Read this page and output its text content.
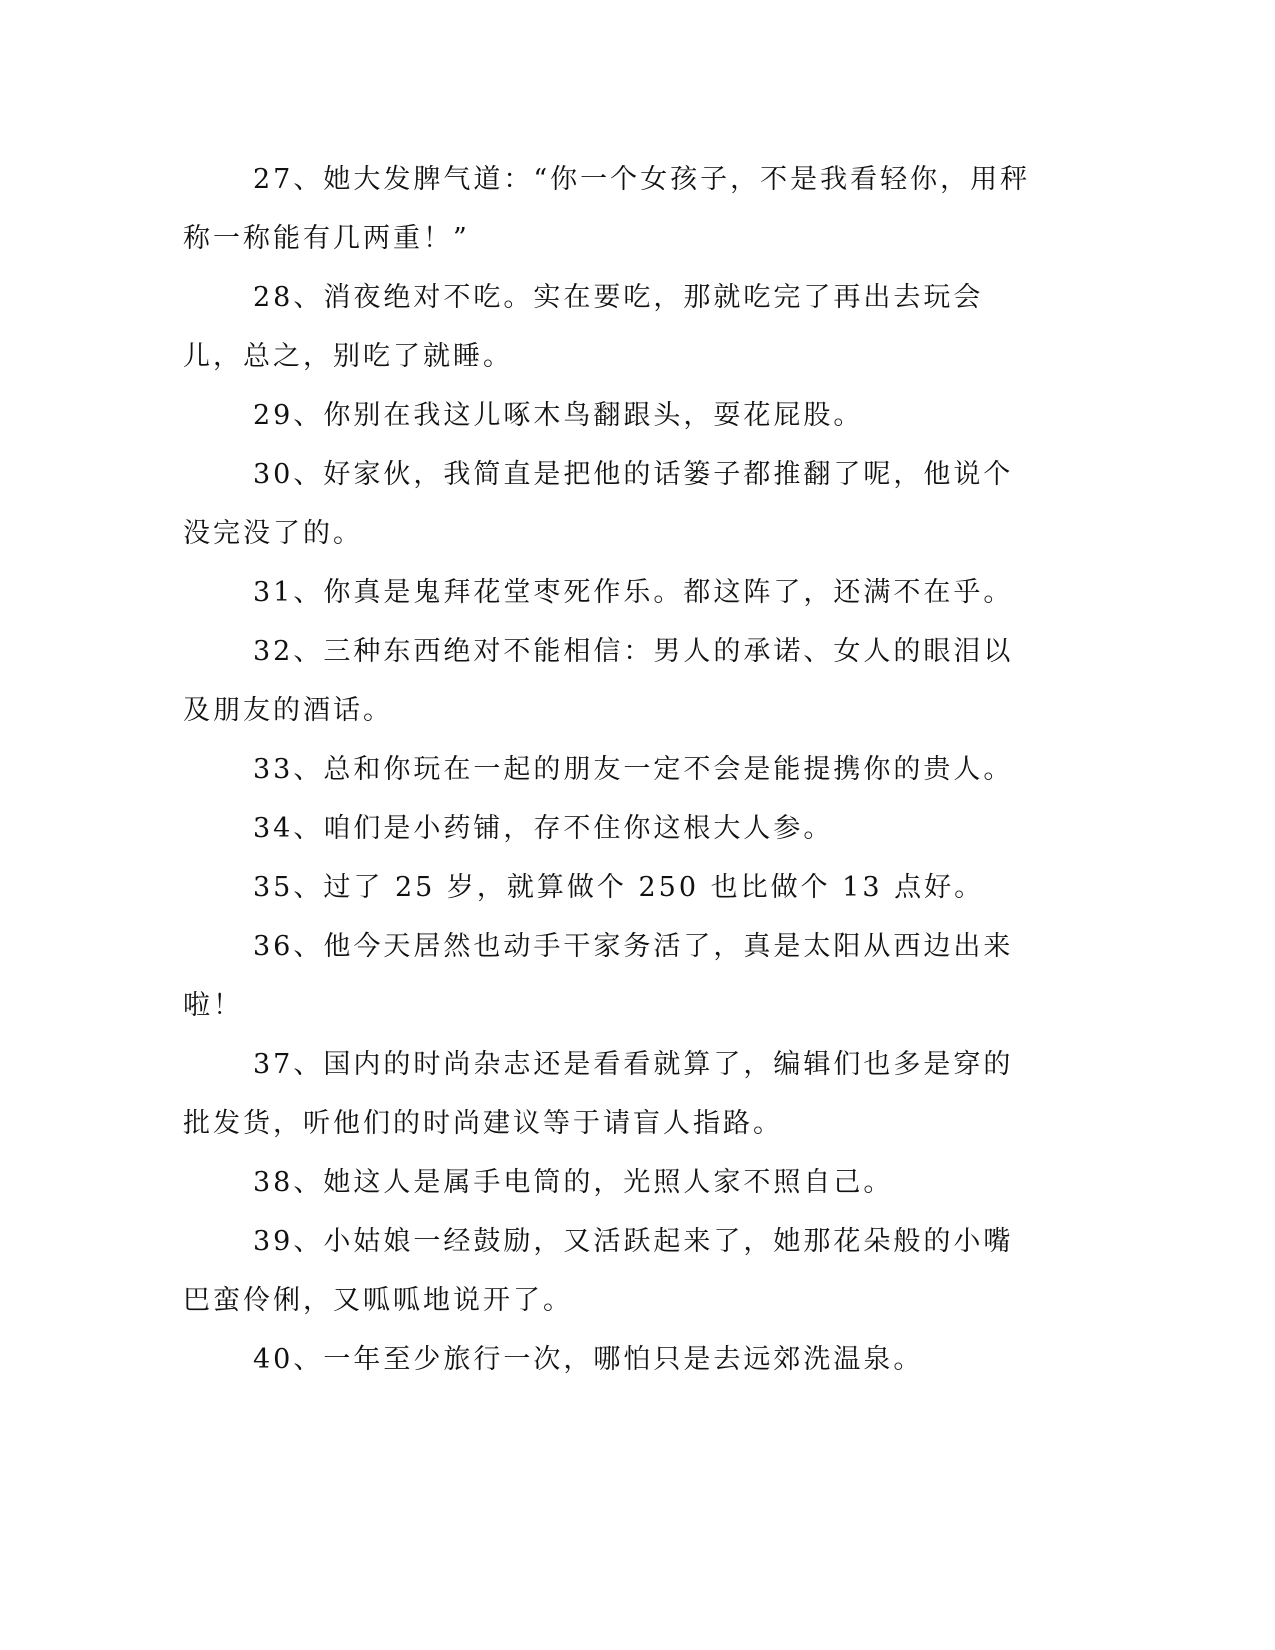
27、她大发脾气道：“你一个女孩子，不是我看轻你，用秤称一称能有几两重！”

28、消夜绝对不吃。实在要吃，那就吃完了再出去玩会儿，总之，别吃了就睡。

29、你别在我这儿啄木鸟翻跟头，耍花屁股。

30、好家伙，我简直是把他的话篓子都推翻了呢，他说个没完没了的。

31、你真是鬼拜花堂枣死作乐。都这阵了，还满不在乎。

32、三种东西绝对不能相信：男人的承诺、女人的眼泪以及朋友的酒话。

33、总和你玩在一起的朋友一定不会是能提携你的贵人。

34、咱们是小药铺，存不住你这根大人参。

35、过了 25 岁，就算做个 250 也比做个 13 点好。

36、他今天居然也动手干家务活了，真是太阳从西边出来啦！

37、国内的时尚杂志还是看看就算了，编辑们也多是穿的批发货，听他们的时尚建议等于请盲人指路。

38、她这人是属手电筒的，光照人家不照自己。

39、小姑娘一经鼓励，又活跃起来了，她那花朵般的小嘴巴蛮伶俐，又呱呱地说开了。

40、一年至少旅行一次，哪怕只是去远郊洗温泉。
